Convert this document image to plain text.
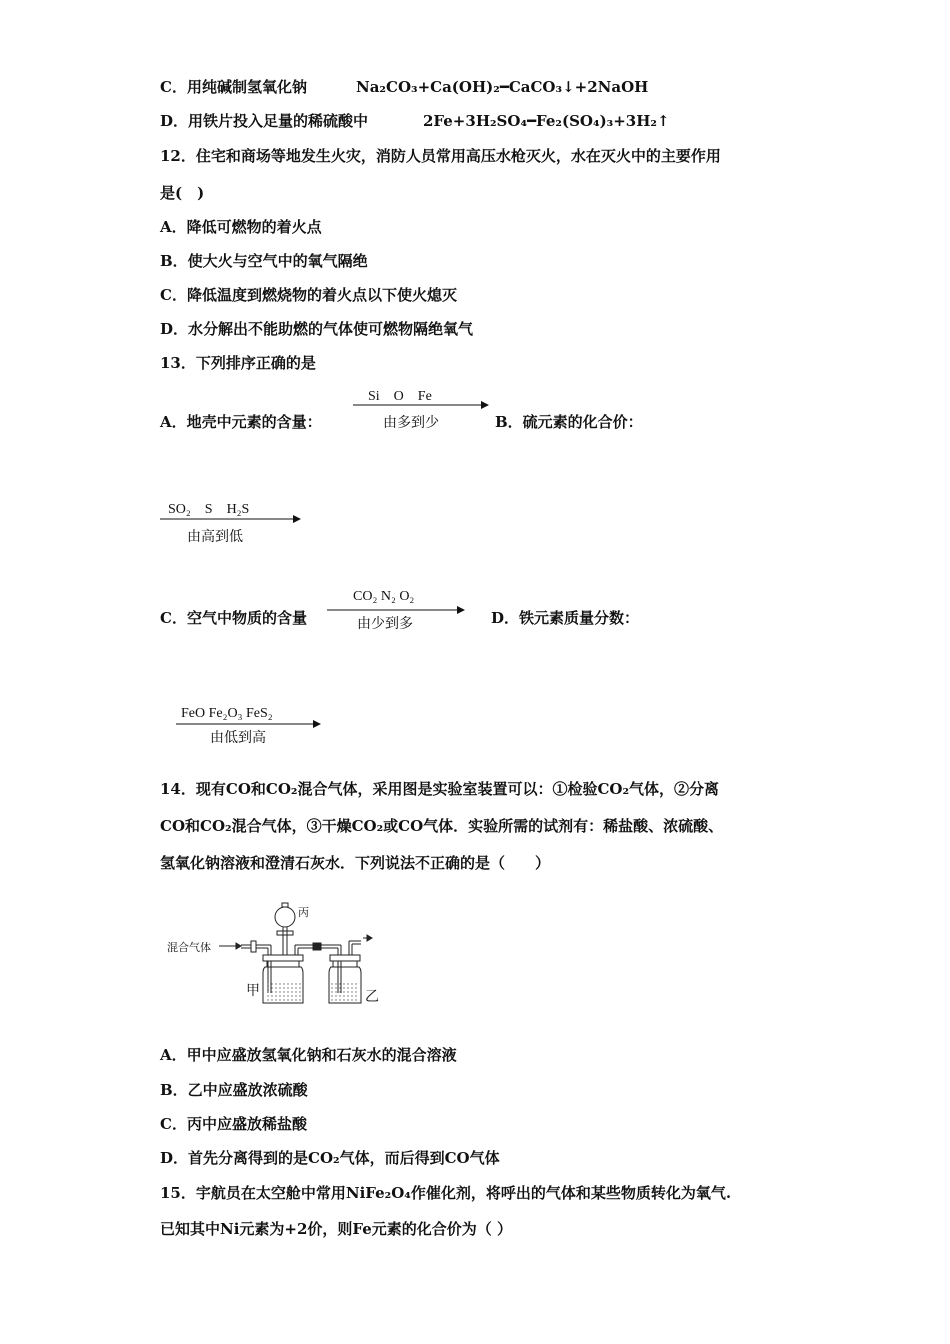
C．用纯碱制氢氧化钠	Na₂CO₃+Ca(OH)₂━CaCO₃↓+2NaOH
D．用铁片投入足量的稀硫酸中	2Fe+3H₂SO₄━Fe₂(SO₄)₃+3H₂↑
12．住宅和商场等地发生火灾，消防人员常用高压水枪灭火，水在灭火中的主要作用
是(　)
A．降低可燃物的着火点
B．使大火与空气中的氧气隔绝
C．降低温度到燃烧物的着火点以下使火熄灭
D．水分解出不能助燃的气体使可燃物隔绝氧气
13．下列排序正确的是
A．地壳中元素的含量：
Si　O　Fe
由多到少	B．硫元素的化合价：
SO₂　S　H₂S
由高到低
C．空气中物质的含量
CO₂ N₂ O₂
由少到多	D．铁元素质量分数：
FeO Fe₂O₃ FeS₂
由低到高
14．现有CO和CO₂混合气体，采用图是实验室装置可以：①检验CO₂气体，②分离
CO和CO₂混合气体，③干燥CO₂或CO气体．实验所需的试剂有：稀盐酸、浓硫酸、
氢氧化钠溶液和澄清石灰水．下列说法不正确的是（　　）
混合气体
丙
甲	乙
A．甲中应盛放氢氧化钠和石灰水的混合溶液
B．乙中应盛放浓硫酸
C．丙中应盛放稀盐酸
D．首先分离得到的是CO₂气体，而后得到CO气体
15．宇航员在太空舱中常用NiFe₂O₄作催化剂，将呼出的气体和某些物质转化为氧气.
已知其中Ni元素为+2价，则Fe元素的化合价为（ ）
